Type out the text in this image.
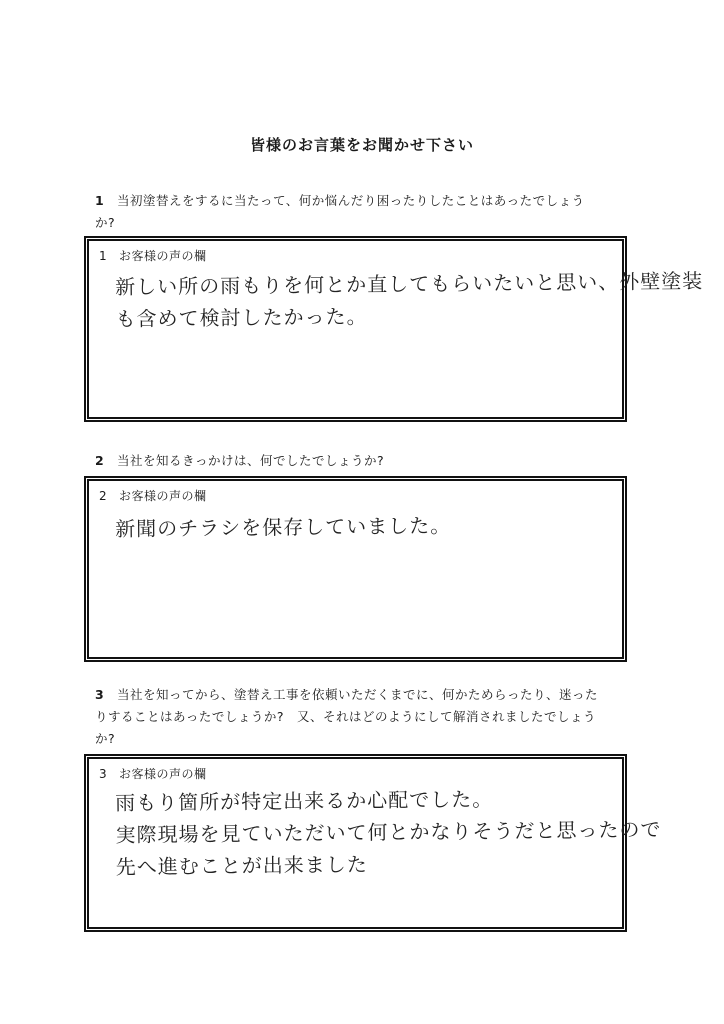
皆様のお言葉をお聞かせ下さい
1 当初塗替えをするに当たって、何か悩んだり困ったりしたことはあったでしょう
か?
1 お客様の声の欄
新しい所の雨もりを何とか直してもらいたいと思い、外壁塗装
も含めて検討したかった。
2 当社を知るきっかけは、何でしたでしょうか?
2 お客様の声の欄
新聞のチラシを保存していました。
3 当社を知ってから、塗替え工事を依頼いただくまでに、何かためらったり、迷った
りすることはあったでしょうか?　又、それはどのようにして解消されましたでしょう
か?
3 お客様の声の欄
雨もり箇所が特定出来るか心配でした。
実際現場を見ていただいて何とかなりそうだと思ったので
先へ進むことが出来ました
